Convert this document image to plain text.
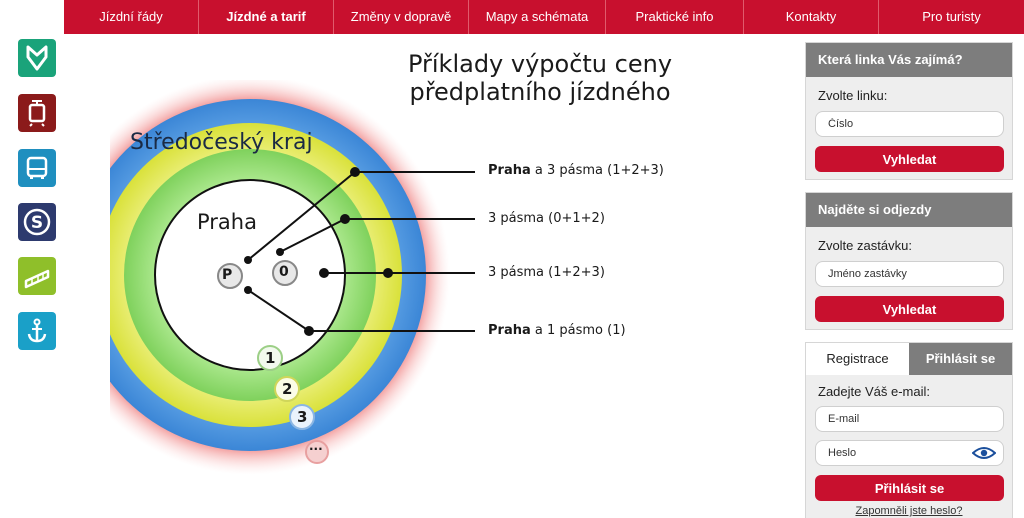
Jízdní řády	Jízdné a tarif	Změny v dopravě	Mapy a schémata	Praktické info	Kontakty	Pro turisty
S
Příklady výpočtu ceny
předplatního jízdného
Středočeský kraj
Praha
P	0
1
2
3
···
Praha a 3 pásma (1+2+3)
3 pásma (0+1+2)
3 pásma (1+2+3)
Praha a 1 pásmo (1)
Která linka Vás zajímá?
Zvolte linku:
Číslo
Vyhledat
Najděte si odjezdy
Zvolte zastávku:
Jméno zastávky
Vyhledat
Registrace	Přihlásit se
Zadejte Váš e-mail:
E-mail
Přihlásit se
Zapomněli jste heslo?
